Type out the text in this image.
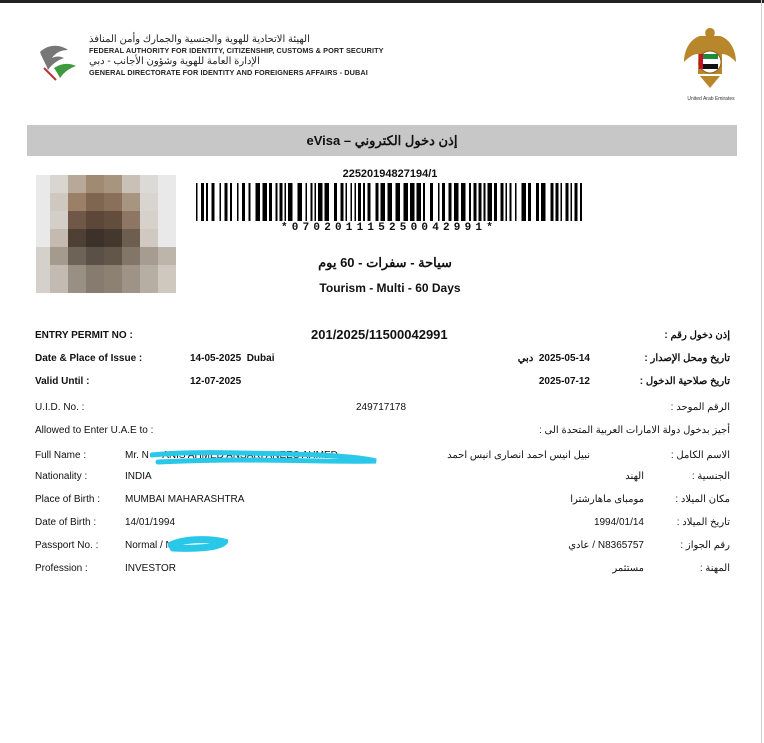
الهيئة الاتحادية للهوية والجنسية والجمارك وأمن المنافذ
FEDERAL AUTHORITY FOR IDENTITY, CITIZENSHIP, CUSTOMS & PORT SECURITY
الإدارة العامة للهوية وشؤون الأجانب - دبي
GENERAL DIRECTORATE FOR IDENTITY AND FOREIGNERS AFFAIRS - DUBAI
United Arab Emirates
إذن دخول الكتروني – eVisa
22520194827194/1
*070201115250042991*
سياحة - سفرات - 60 يوم
Tourism - Multi - 60 Days
ENTRY PERMIT NO :	201/2025/11500042991	إذن دخول رقم :
Date & Place of Issue :	14-05-2025  Dubai	2025-05-14  دبي	تاريخ ومحل الإصدار :
Valid Until :	12-07-2025	2025-07-12	تاريخ صلاحية الدخول :
U.I.D. No. :	249717178	الرقم الموحد :
Allowed to Enter U.A.E to :	أجيز بدخول دولة الامارات العربية المتحدة الى :
Full Name :	Mr. N     ANIS AHMED ANSARI ANEES AHMED	نبيل انيس احمد انصارى انيس احمد	الاسم الكامل :
Nationality :	INDIA	الهند	الجنسية :
Place of Birth : MUMBAI MAHARASHTRA	مومباى ماهارشترا	مكان الميلاد :
Date of Birth :	14/01/1994	1994/01/14	تاريخ الميلاد :
Passport No. :	Normal / N	N8365757 / عادي	رقم الجواز :
Profession :	INVESTOR	مستثمر	المهنة :
